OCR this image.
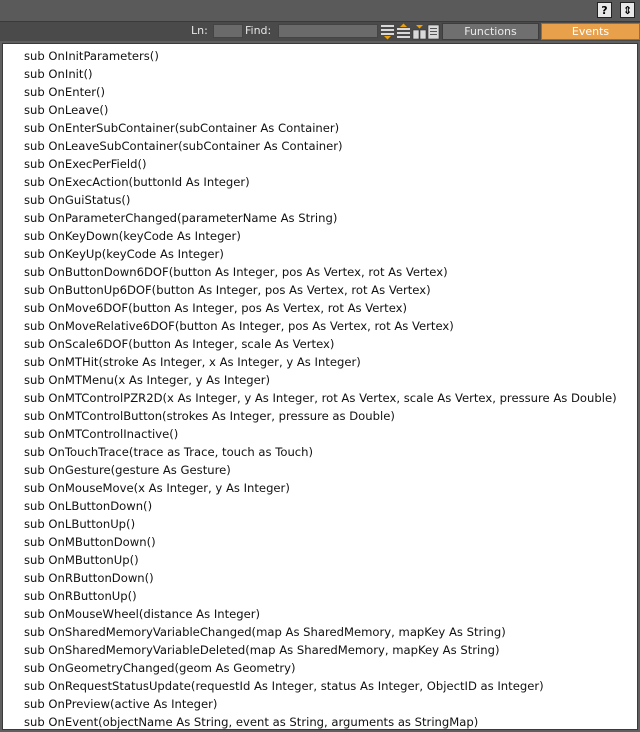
?	⇕
Ln:	Find:	Functions	Events
sub OnInitParameters()
sub OnInit()
sub OnEnter()
sub OnLeave()
sub OnEnterSubContainer(subContainer As Container)
sub OnLeaveSubContainer(subContainer As Container)
sub OnExecPerField()
sub OnExecAction(buttonId As Integer)
sub OnGuiStatus()
sub OnParameterChanged(parameterName As String)
sub OnKeyDown(keyCode As Integer)
sub OnKeyUp(keyCode As Integer)
sub OnButtonDown6DOF(button As Integer, pos As Vertex, rot As Vertex)
sub OnButtonUp6DOF(button As Integer, pos As Vertex, rot As Vertex)
sub OnMove6DOF(button As Integer, pos As Vertex, rot As Vertex)
sub OnMoveRelative6DOF(button As Integer, pos As Vertex, rot As Vertex)
sub OnScale6DOF(button As Integer, scale As Vertex)
sub OnMTHit(stroke As Integer, x As Integer, y As Integer)
sub OnMTMenu(x As Integer, y As Integer)
sub OnMTControlPZR2D(x As Integer, y As Integer, rot As Vertex, scale As Vertex, pressure As Double)
sub OnMTControlButton(strokes As Integer, pressure as Double)
sub OnMTControlInactive()
sub OnTouchTrace(trace as Trace, touch as Touch)
sub OnGesture(gesture As Gesture)
sub OnMouseMove(x As Integer, y As Integer)
sub OnLButtonDown()
sub OnLButtonUp()
sub OnMButtonDown()
sub OnMButtonUp()
sub OnRButtonDown()
sub OnRButtonUp()
sub OnMouseWheel(distance As Integer)
sub OnSharedMemoryVariableChanged(map As SharedMemory, mapKey As String)
sub OnSharedMemoryVariableDeleted(map As SharedMemory, mapKey As String)
sub OnGeometryChanged(geom As Geometry)
sub OnRequestStatusUpdate(requestId As Integer, status As Integer, ObjectID as Integer)
sub OnPreview(active As Integer)
sub OnEvent(objectName As String, event as String, arguments as StringMap)
